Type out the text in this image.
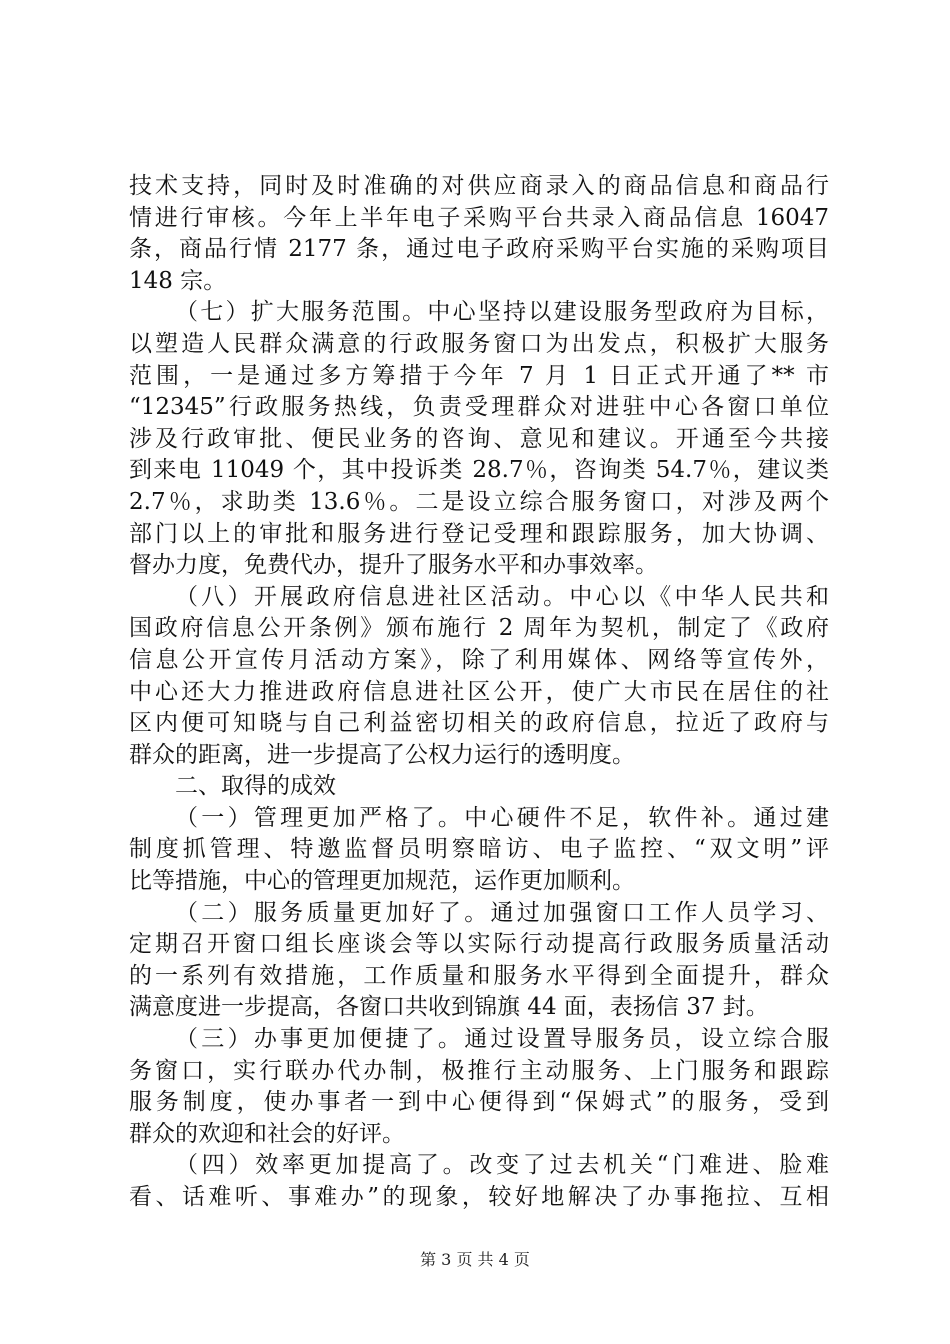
技术支持，同时及时准确的对供应商录入的商品信息和商品行
情进行审核。今年上半年电子采购平台共录入商品信息 16047
条，商品行情 2177 条，通过电子政府采购平台实施的采购项目
148 宗。
（七）扩大服务范围。中心坚持以建设服务型政府为目标，
以塑造人民群众满意的行政服务窗口为出发点，积极扩大服务
范围，一是通过多方筹措于今年 7 月 1 日正式开通了** 市
“12345”行政服务热线，负责受理群众对进驻中心各窗口单位
涉及行政审批、便民业务的咨询、意见和建议。开通至今共接
到来电 11049 个，其中投诉类 28.7％，咨询类 54.7％，建议类
2.7％，求助类 13.6％。二是设立综合服务窗口，对涉及两个
部门以上的审批和服务进行登记受理和跟踪服务，加大协调、
督办力度，免费代办，提升了服务水平和办事效率。
（八）开展政府信息进社区活动。中心以《中华人民共和
国政府信息公开条例》颁布施行 2 周年为契机，制定了《政府
信息公开宣传月活动方案》，除了利用媒体、网络等宣传外，
中心还大力推进政府信息进社区公开，使广大市民在居住的社
区内便可知晓与自己利益密切相关的政府信息，拉近了政府与
群众的距离，进一步提高了公权力运行的透明度。
二、取得的成效
（一）管理更加严格了。中心硬件不足，软件补。通过建
制度抓管理、特邀监督员明察暗访、电子监控、“双文明”评
比等措施，中心的管理更加规范，运作更加顺利。
（二）服务质量更加好了。通过加强窗口工作人员学习、
定期召开窗口组长座谈会等以实际行动提高行政服务质量活动
的一系列有效措施，工作质量和服务水平得到全面提升，群众
满意度进一步提高，各窗口共收到锦旗 44 面，表扬信 37 封。
（三）办事更加便捷了。通过设置导服务员，设立综合服
务窗口，实行联办代办制，极推行主动服务、上门服务和跟踪
服务制度，使办事者一到中心便得到“保姆式”的服务，受到
群众的欢迎和社会的好评。
（四）效率更加提高了。改变了过去机关“门难进、脸难
看、话难听、事难办”的现象，较好地解决了办事拖拉、互相
第 3 页 共 4 页
